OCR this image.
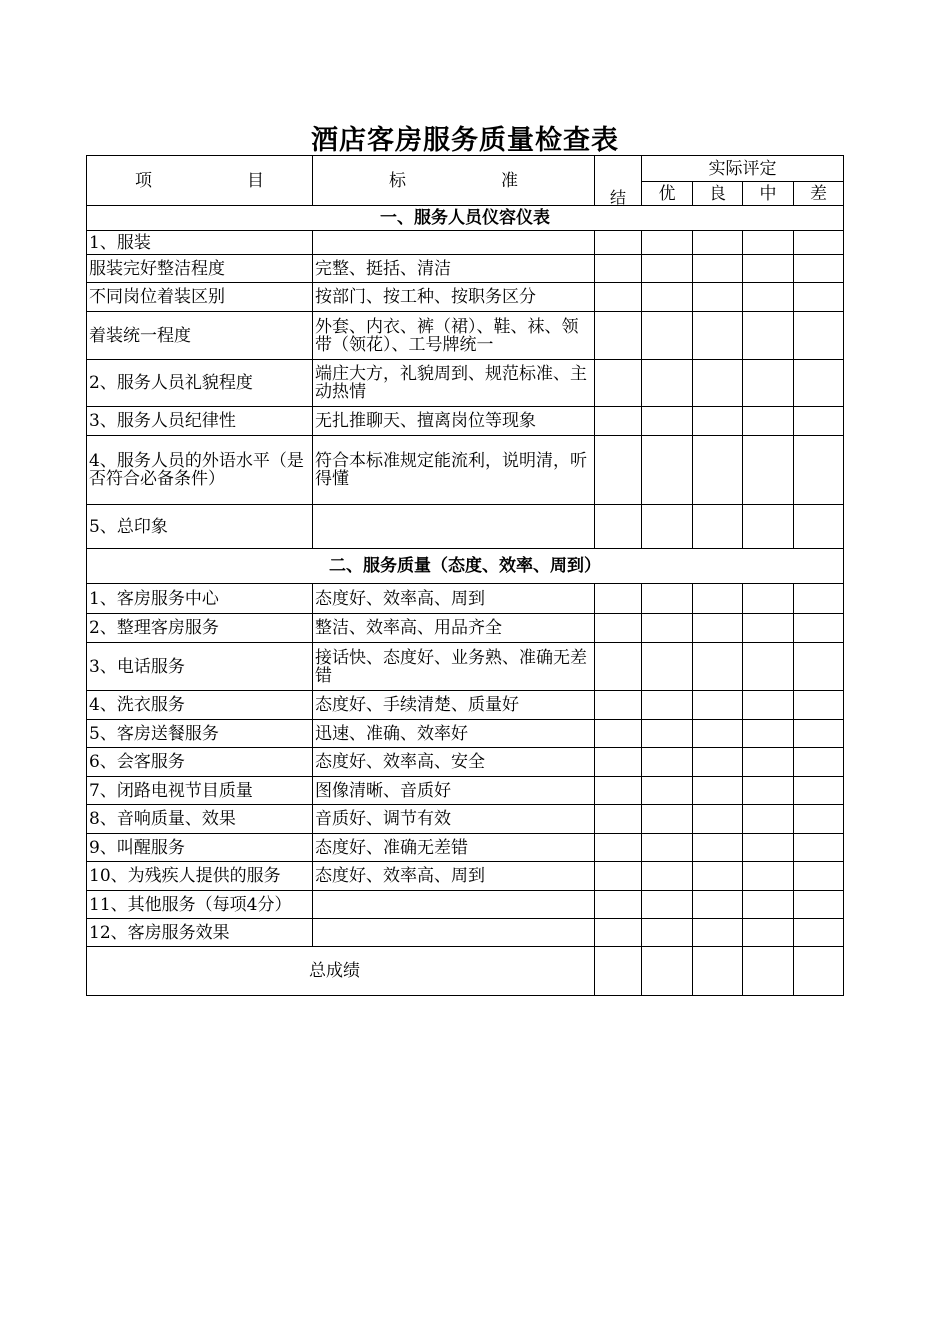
酒店客房服务质量检查表
项 目	标 准	结	实际评定			
			优	良	中	差
一、服务人员仪容仪表						
1、服装						
服装完好整洁程度	完整、挺括、清洁					
不同岗位着装区别	按部门、按工种、按职务区分					
着装统一程度	外套、内衣、裤（裙）、鞋、袜、领带（领花）、工号牌统一					
2、服务人员礼貌程度	端庄大方，礼貌周到、规范标准、主动热情					
3、服务人员纪律性	无扎推聊天、擅离岗位等现象					
4、服务人员的外语水平（是否符合必备条件）	符合本标准规定能流利，说明清，听得懂					
5、总印象						
二、服务质量（态度、效率、周到）						
1、客房服务中心	态度好、效率高、周到					
2、整理客房服务	整洁、效率高、用品齐全					
3、电话服务	接话快、态度好、业务熟、准确无差错					
4、洗衣服务	态度好、手续清楚、质量好					
5、客房送餐服务	迅速、准确、效率好					
6、会客服务	态度好、效率高、安全					
7、闭路电视节目质量	图像清晰、音质好					
8、音响质量、效果	音质好、调节有效					
9、叫醒服务	态度好、准确无差错					
10、为残疾人提供的服务	态度好、效率高、周到					
11、其他服务（每项4分）						
12、客房服务效果						
总成绩						
